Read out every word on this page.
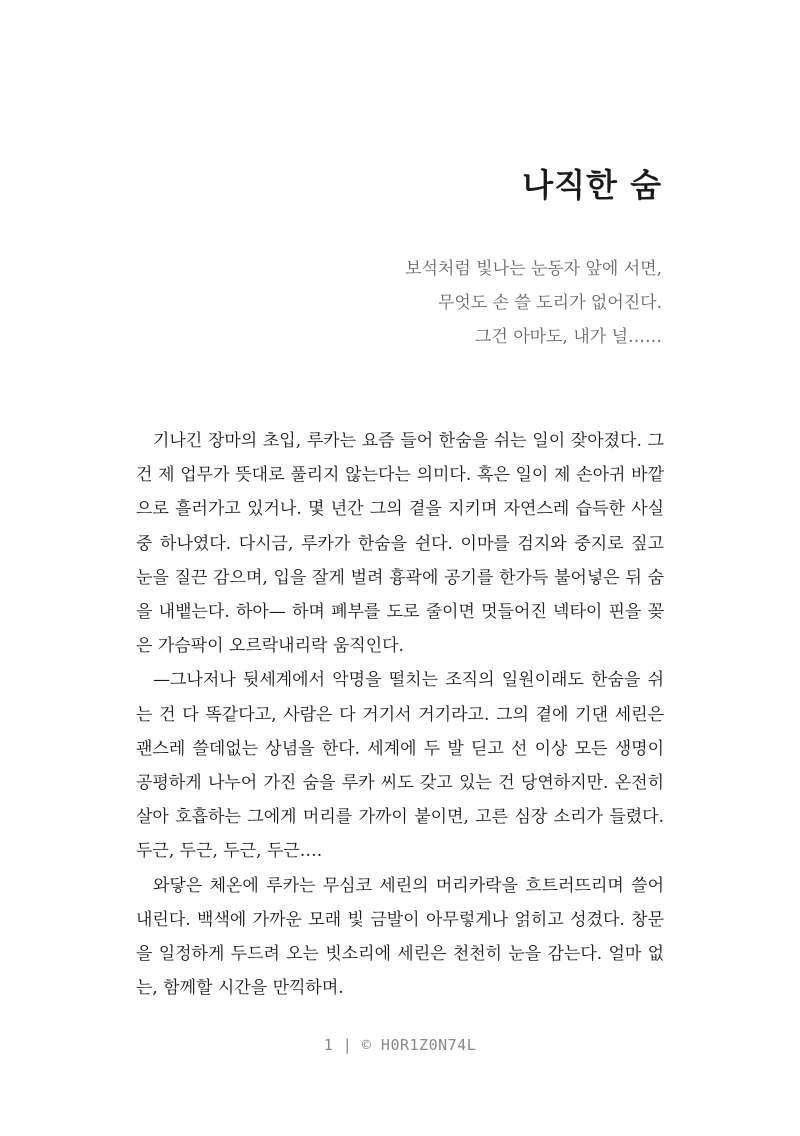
나직한 숨
보석처럼 빛나는 눈동자 앞에 서면,
무엇도 손 쓸 도리가 없어진다.
그건 아마도, 내가 널……

기나긴 장마의 초입, 루카는 요즘 들어 한숨을 쉬는 일이 잦아졌다. 그건 제 업무가 뜻대로 풀리지 않는다는 의미다. 혹은 일이 제 손아귀 바깥으로 흘러가고 있거나. 몇 년간 그의 곁을 지키며 자연스레 습득한 사실 중 하나였다. 다시금, 루카가 한숨을 쉰다. 이마를 검지와 중지로 짚고 눈을 질끈 감으며, 입을 잘게 벌려 흉곽에 공기를 한가득 불어넣은 뒤 숨을 내뱉는다. 하아— 하며 폐부를 도로 줄이면 멋들어진 넥타이 핀을 꽂은 가슴팍이 오르락내리락 움직인다.

—그나저나 뒷세계에서 악명을 떨치는 조직의 일원이래도 한숨을 쉬는 건 다 똑같다고, 사람은 다 거기서 거기라고. 그의 곁에 기댄 세린은 괜스레 쓸데없는 상념을 한다. 세계에 두 발 딛고 선 이상 모든 생명이 공평하게 나누어 가진 숨을 루카 씨도 갖고 있는 건 당연하지만. 온전히 살아 호흡하는 그에게 머리를 가까이 붙이면, 고른 심장 소리가 들렸다. 두근, 두근, 두근, 두근….

와닿은 체온에 루카는 무심코 세린의 머리카락을 흐트러뜨리며 쓸어내린다. 백색에 가까운 모래 빛 금발이 아무렇게나 얽히고 성겼다. 창문을 일정하게 두드려 오는 빗소리에 세린은 천천히 눈을 감는다. 얼마 없는, 함께할 시간을 만끽하며.

1 | © H0R1Z0N74L
